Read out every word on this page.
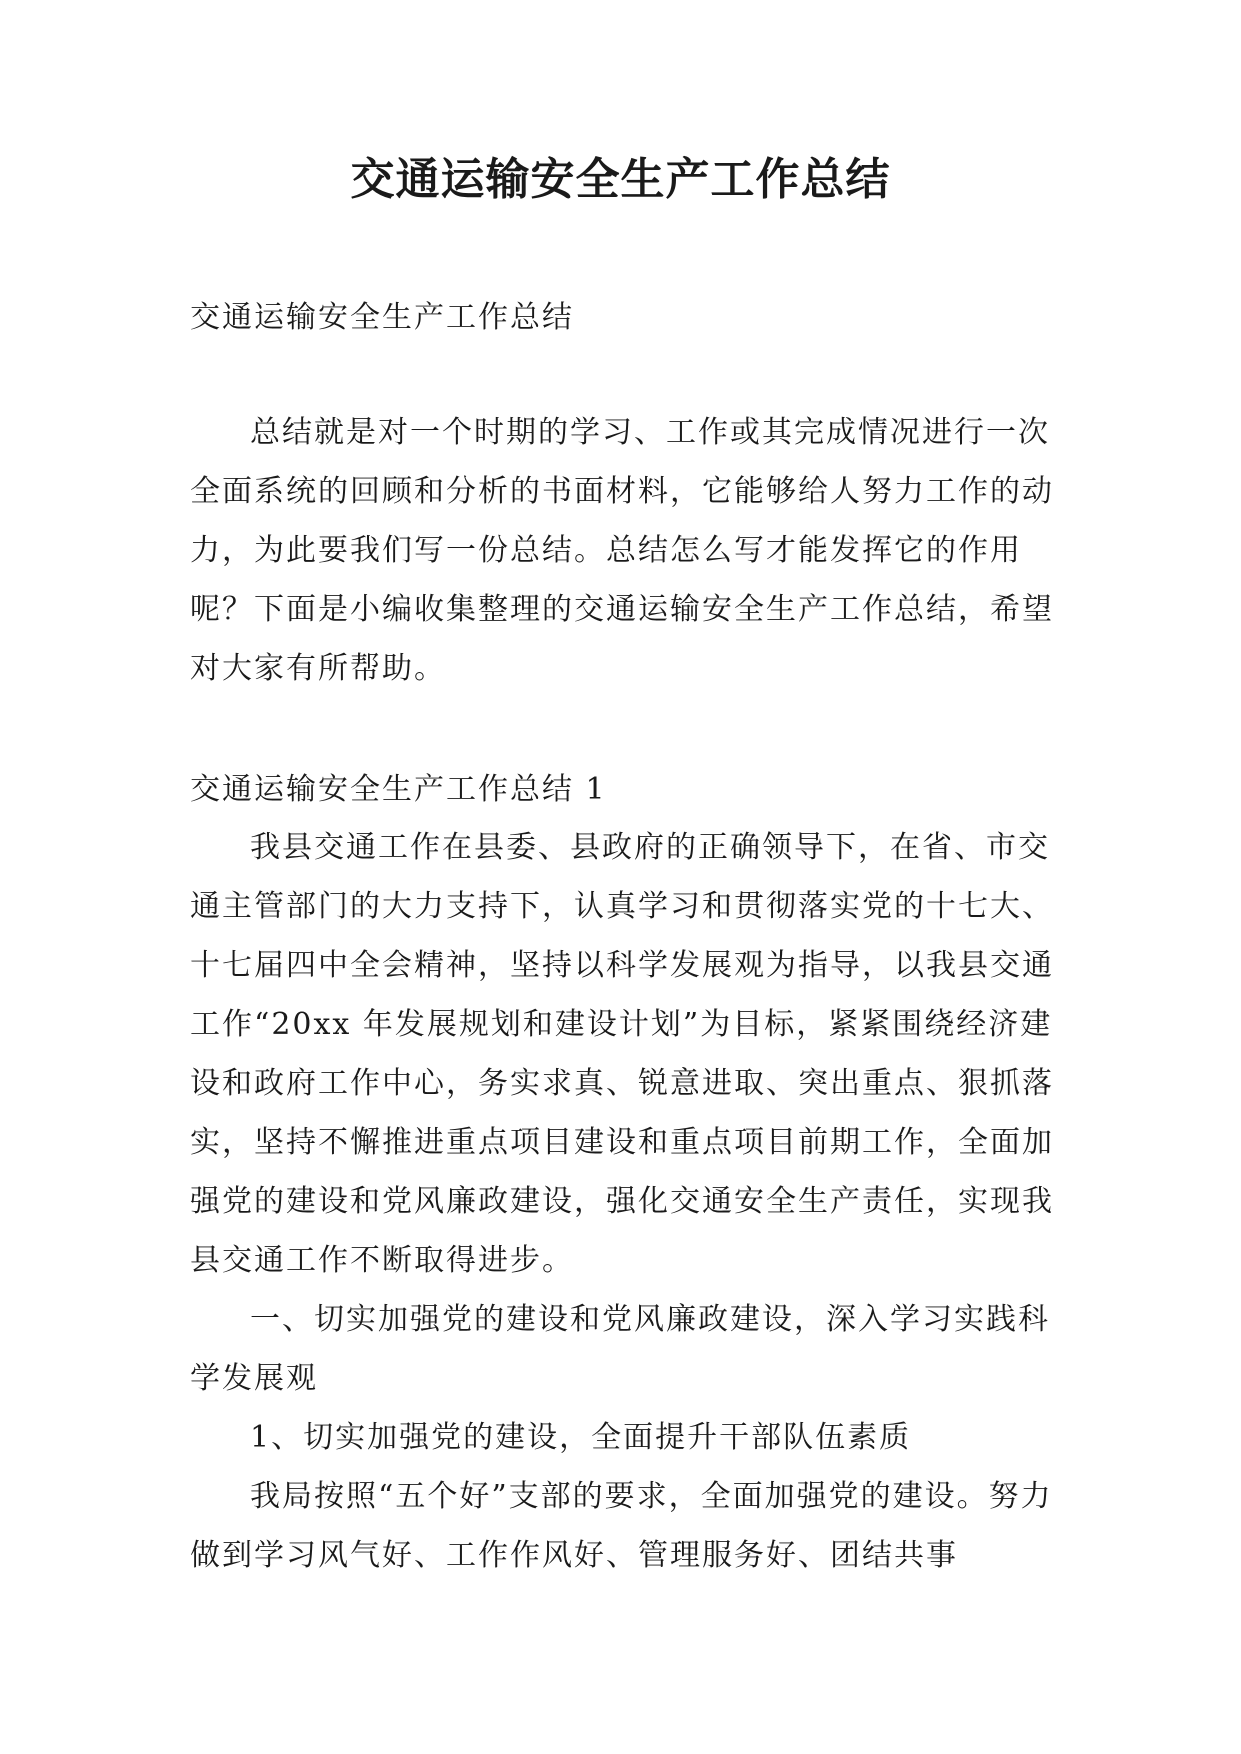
交通运输安全生产工作总结
交通运输安全生产工作总结

总结就是对一个时期的学习、工作或其完成情况进行一次全面系统的回顾和分析的书面材料，它能够给人努力工作的动力，为此要我们写一份总结。总结怎么写才能发挥它的作用呢？下面是小编收集整理的交通运输安全生产工作总结，希望对大家有所帮助。

交通运输安全生产工作总结 1

我县交通工作在县委、县政府的正确领导下，在省、市交通主管部门的大力支持下，认真学习和贯彻落实党的十七大、十七届四中全会精神，坚持以科学发展观为指导，以我县交通工作“20xx 年发展规划和建设计划”为目标，紧紧围绕经济建设和政府工作中心，务实求真、锐意进取、突出重点、狠抓落实，坚持不懈推进重点项目建设和重点项目前期工作，全面加强党的建设和党风廉政建设，强化交通安全生产责任，实现我县交通工作不断取得进步。

一、切实加强党的建设和党风廉政建设，深入学习实践科学发展观

1、切实加强党的建设，全面提升干部队伍素质

我局按照“五个好”支部的要求，全面加强党的建设。努力做到学习风气好、工作作风好、管理服务好、团结共事
